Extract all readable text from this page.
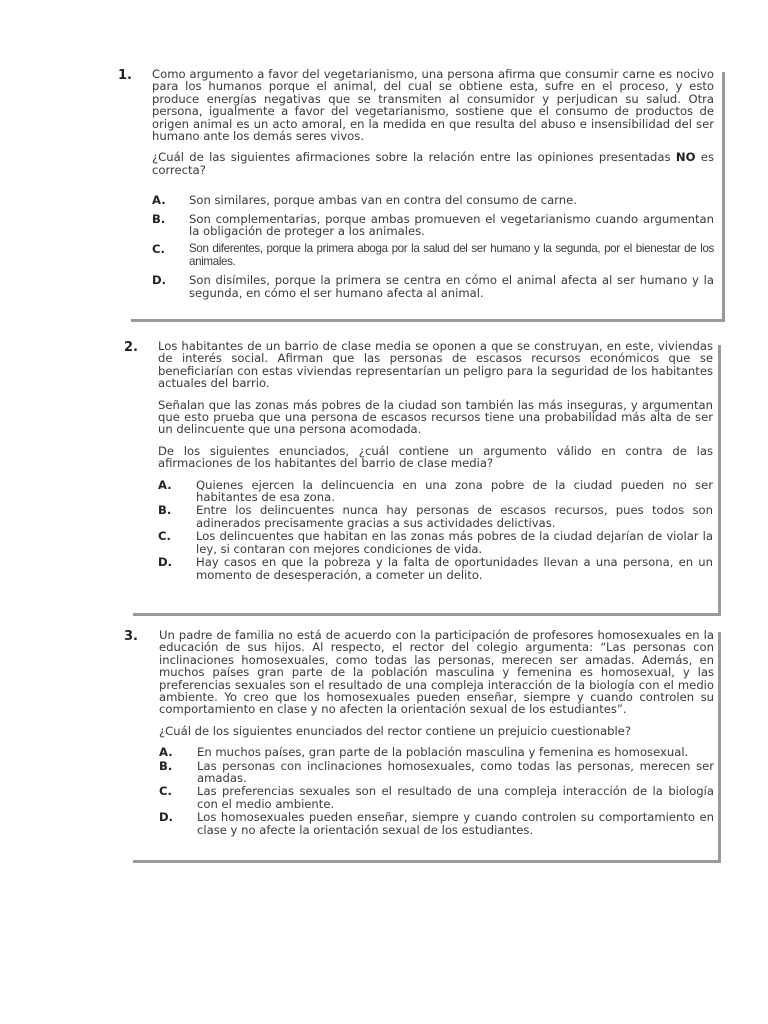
1. Como argumento a favor del vegetarianismo, una persona afirma que consumir carne es nocivo para los humanos porque el animal, del cual se obtiene esta, sufre en el proceso, y esto produce energías negativas que se transmiten al consumidor y perjudican su salud. Otra persona, igualmente a favor del vegetarianismo, sostiene que el consumo de productos de origen animal es un acto amoral, en la medida en que resulta del abuso e insensibilidad del ser humano ante los demás seres vivos.

¿Cuál de las siguientes afirmaciones sobre la relación entre las opiniones presentadas NO es correcta?

A.	Son similares, porque ambas van en contra del consumo de carne.
B.	Son complementarias, porque ambas promueven el vegetarianismo cuando argumentan la obligación de proteger a los animales.
C.	Son diferentes, porque la primera aboga por la salud del ser humano y la segunda, por el bienestar de los animales.
D.	Son disímiles, porque la primera se centra en cómo el animal afecta al ser humano y la segunda, en cómo el ser humano afecta al animal.
2. Los habitantes de un barrio de clase media se oponen a que se construyan, en este, viviendas de interés social. Afirman que las personas de escasos recursos económicos que se beneficiarían con estas viviendas representarían un peligro para la seguridad de los habitantes actuales del barrio.

Señalan que las zonas más pobres de la ciudad son también las más inseguras, y argumentan que esto prueba que una persona de escasos recursos tiene una probabilidad más alta de ser un delincuente que una persona acomodada.

De los siguientes enunciados, ¿cuál contiene un argumento válido en contra de las afirmaciones de los habitantes del barrio de clase media?

A.	Quienes ejercen la delincuencia en una zona pobre de la ciudad pueden no ser habitantes de esa zona.
B.	Entre los delincuentes nunca hay personas de escasos recursos, pues todos son adinerados precisamente gracias a sus actividades delictivas.
C.	Los delincuentes que habitan en las zonas más pobres de la ciudad dejarían de violar la ley, si contaran con mejores condiciones de vida.
D.	Hay casos en que la pobreza y la falta de oportunidades llevan a una persona, en un momento de desesperación, a cometer un delito.
3. Un padre de familia no está de acuerdo con la participación de profesores homosexuales en la educación de sus hijos. Al respecto, el rector del colegio argumenta: “Las personas con inclinaciones homosexuales, como todas las personas, merecen ser amadas. Además, en muchos países gran parte de la población masculina y femenina es homosexual, y las preferencias sexuales son el resultado de una compleja interacción de la biología con el medio ambiente. Yo creo que los homosexuales pueden enseñar, siempre y cuando controlen su comportamiento en clase y no afecten la orientación sexual de los estudiantes”.

¿Cuál de los siguientes enunciados del rector contiene un prejuicio cuestionable?

A.	En muchos países, gran parte de la población masculina y femenina es homosexual.
B.	Las personas con inclinaciones homosexuales, como todas las personas, merecen ser amadas.
C.	Las preferencias sexuales son el resultado de una compleja interacción de la biología con el medio ambiente.
D.	Los homosexuales pueden enseñar, siempre y cuando controlen su comportamiento en clase y no afecte la orientación sexual de los estudiantes.
